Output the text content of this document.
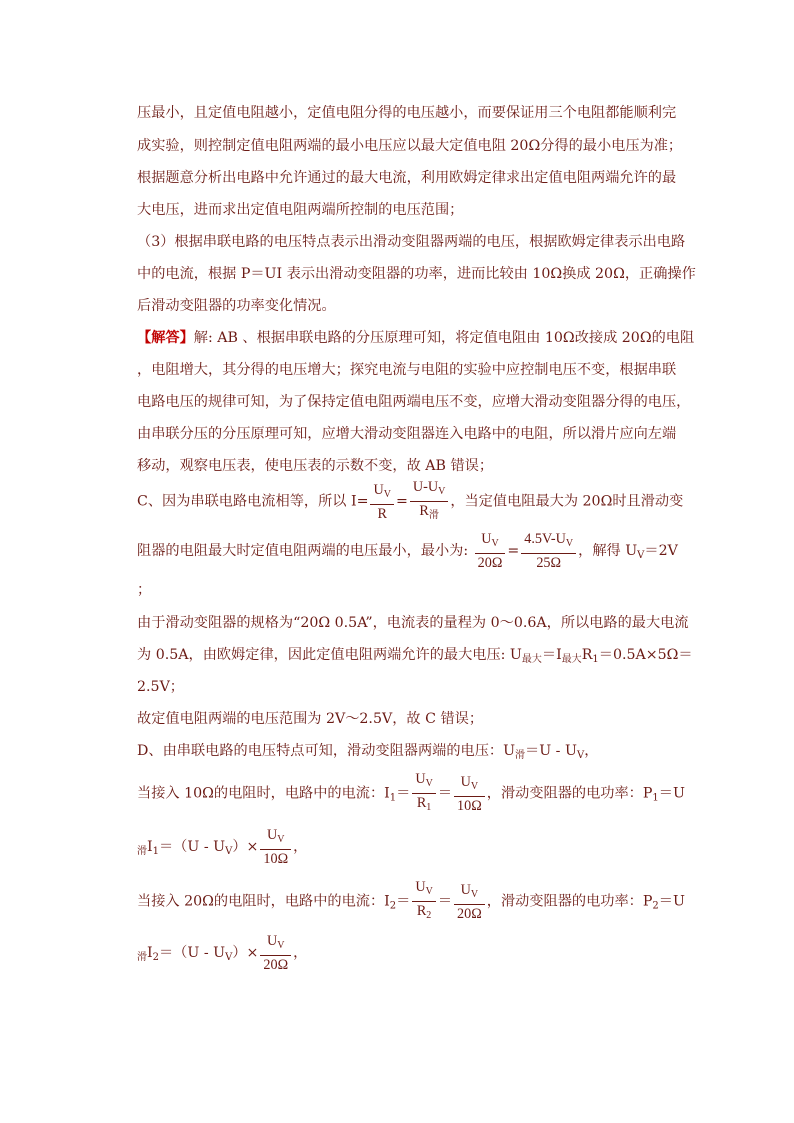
压最小，且定值电阻越小，定值电阻分得的电压越小，而要保证用三个电阻都能顺利完
成实验，则控制定值电阻两端的最小电压应以最大定值电阻 20Ω分得的最小电压为准；
根据题意分析出电路中允许通过的最大电流，利用欧姆定律求出定值电阻两端允许的最
大电压，进而求出定值电阻两端所控制的电压范围；
（3）根据串联电路的电压特点表示出滑动变阻器两端的电压，根据欧姆定律表示出电路
中的电流，根据 P＝UI 表示出滑动变阻器的功率，进而比较由 10Ω换成 20Ω，正确操作
后滑动变阻器的功率变化情况。
【解答】解: AB 、根据串联电路的分压原理可知，将定值电阻由 10Ω改接成 20Ω的电阻
，电阻增大，其分得的电压增大；探究电流与电阻的实验中应控制电压不变，根据串联
电路电压的规律可知，为了保持定值电阻两端电压不变，应增大滑动变阻器分得的电压，
由串联分压的分压原理可知，应增大滑动变阻器连入电路中的电阻，所以滑片应向左端
移动，观察电压表，使电压表的示数不变，故 AB 错误；
C、因为串联电路电流相等，所以 $I= \frac{U_V}{R} = \frac{U-U_V}{R_滑}$ ，当定值电阻最大为 20Ω时且滑动变
阻器的电阻最大时定值电阻两端的电压最小，最小为: $\frac{U_V}{20\Omega} = \frac{4.5V-U_V}{25\Omega}$ ，解得 $U_V=2V$
；
由于滑动变阻器的规格为“20Ω 0.5A”，电流表的量程为 0～0.6A，所以电路的最大电流
为 0.5A，由欧姆定律，因此定值电阻两端允许的最大电压: $U_{最大}=I_{最大}R_1=0.5A\times 5\Omega=$
2.5V；
故定值电阻两端的电压范围为 2V～2.5V，故 C 错误；
D、由串联电路的电压特点可知，滑动变阻器两端的电压：$U_滑=U - U_V$，
当接入 10Ω的电阻时，电路中的电流：$I_1= \frac{U_V}{R_1} = \frac{U_V}{10\Omega}$ ，滑动变阻器的电功率：$P_1=U$
$_滑I_1=(U - U_V)\times \frac{U_V}{10\Omega}$ ，
当接入 20Ω的电阻时，电路中的电流：$I_2= \frac{U_V}{R_2} = \frac{U_V}{20\Omega}$ ，滑动变阻器的电功率：$P_2=U$
$_滑I_2=(U - U_V)\times \frac{U_V}{20\Omega}$ ，
